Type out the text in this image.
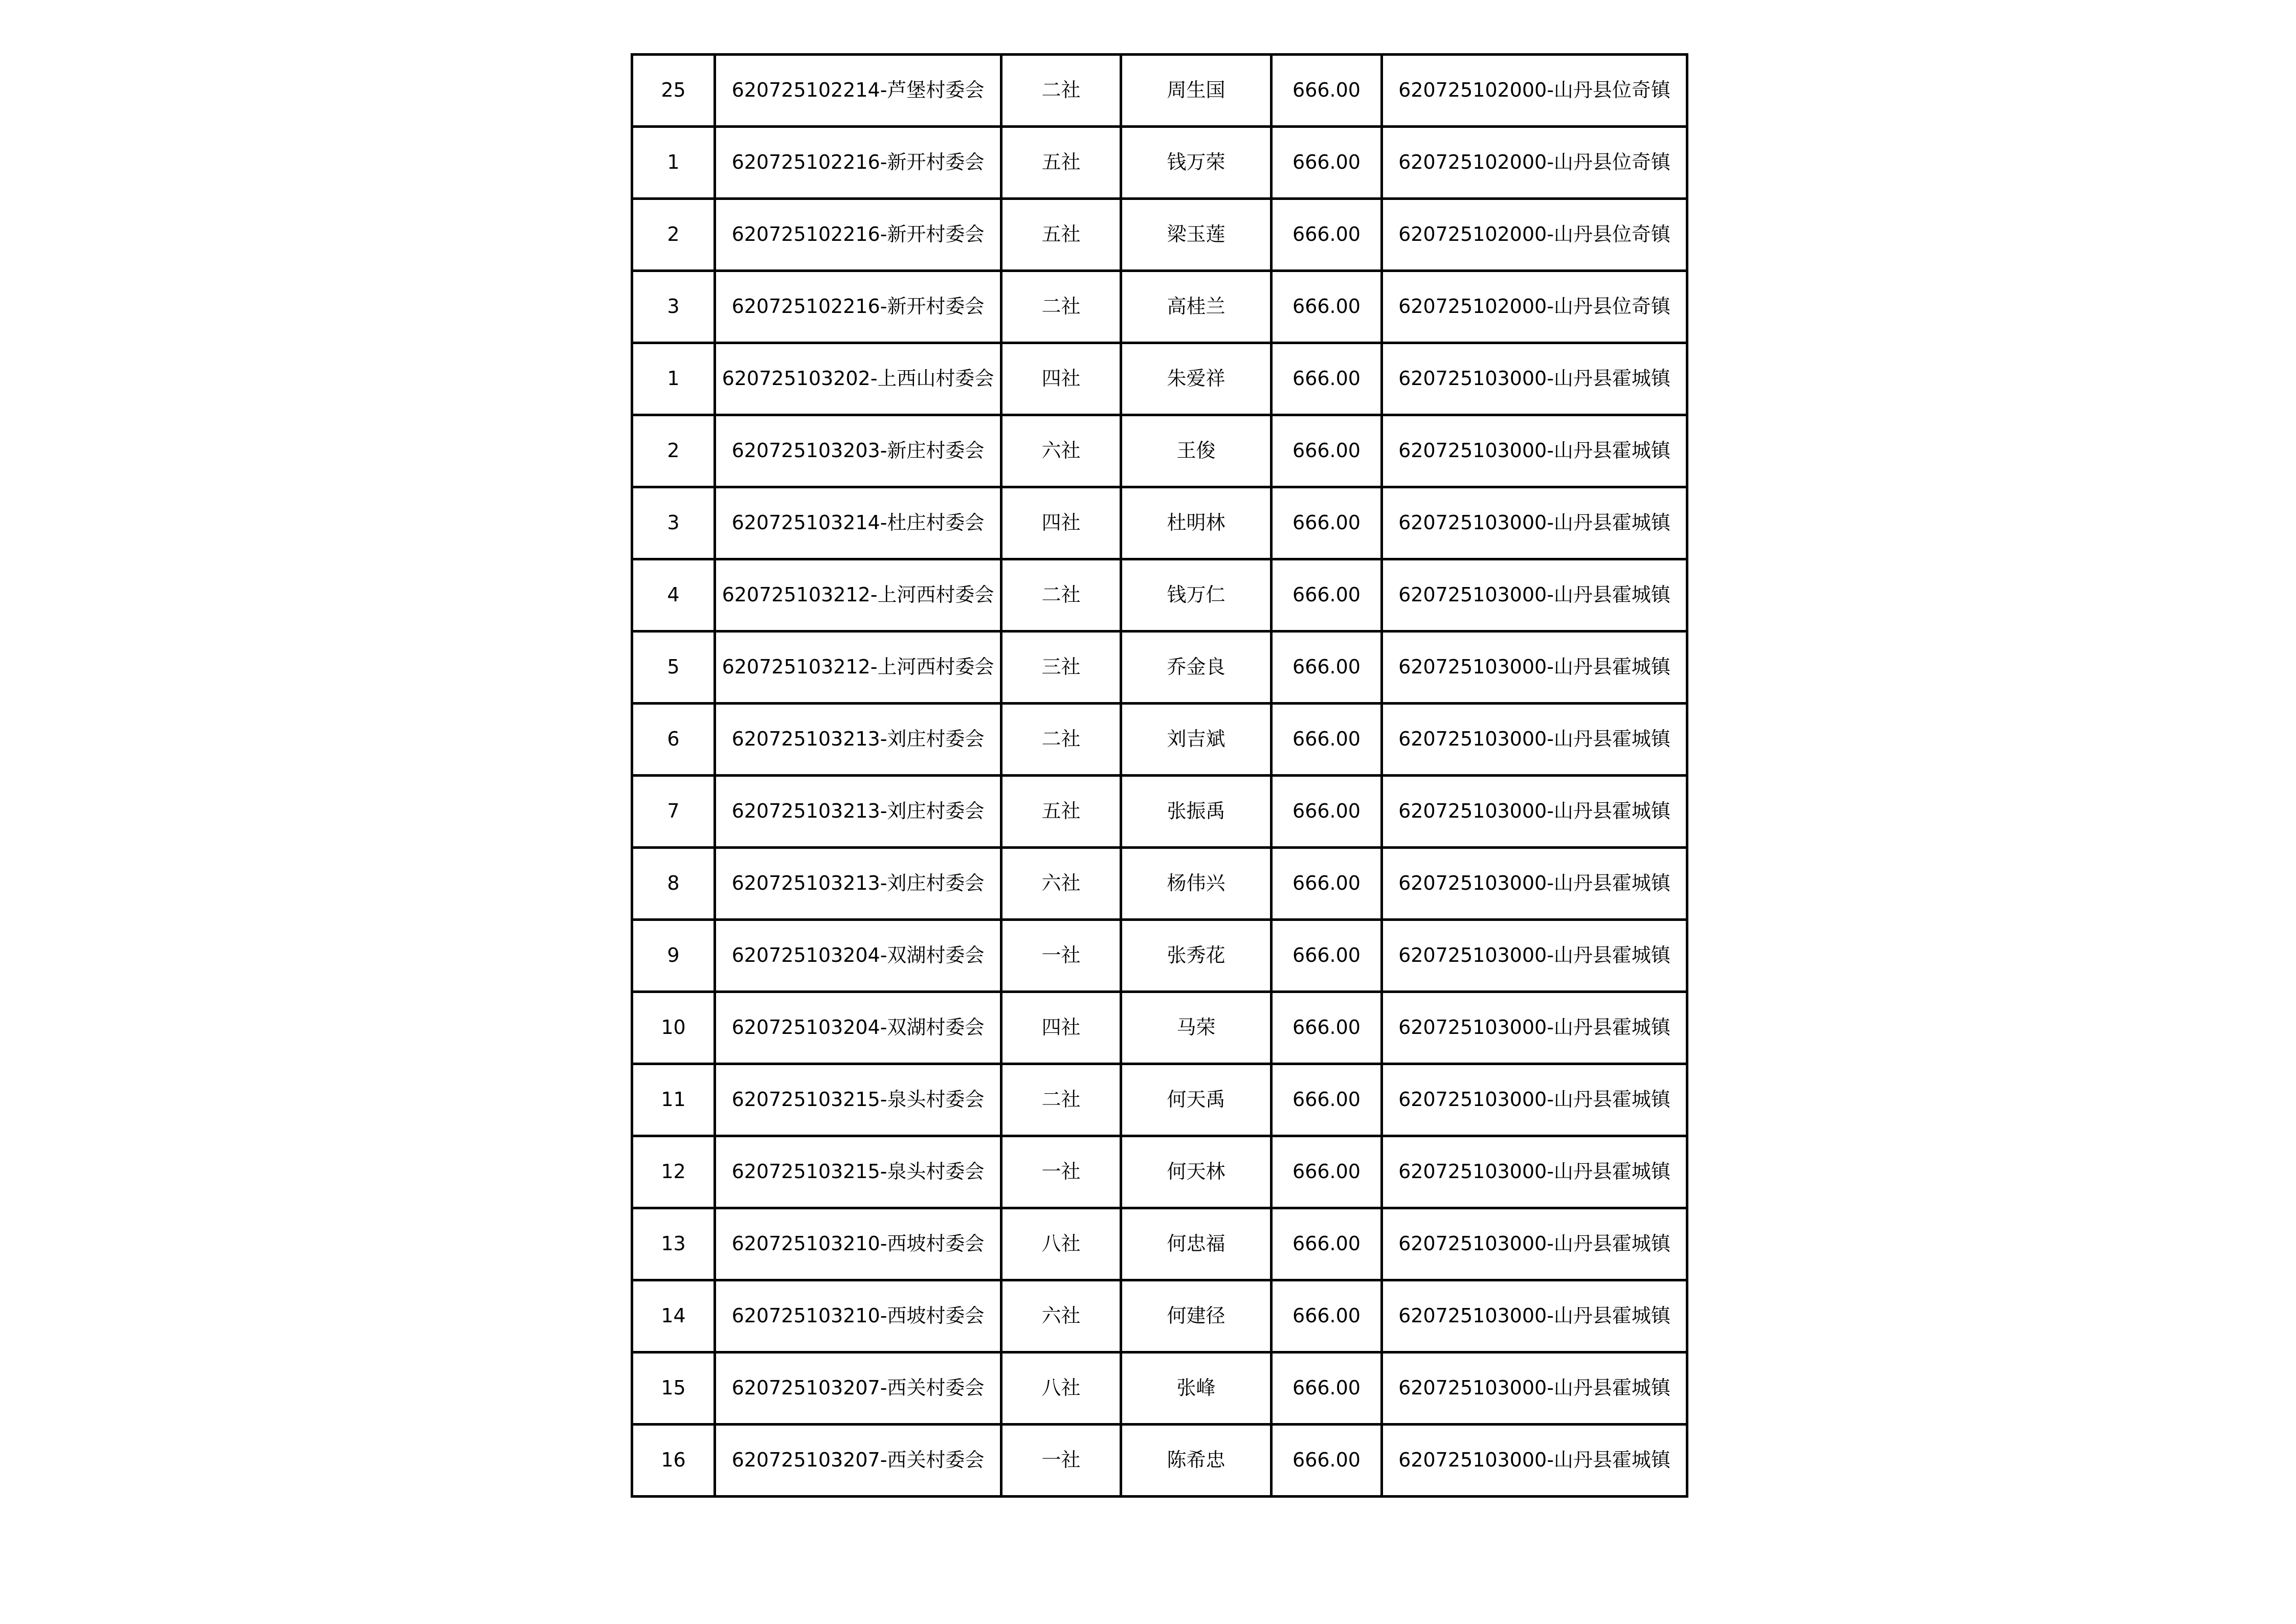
25	620725102214-芦堡村委会	二社	周生国	666.00	620725102000-山丹县位奇镇
1	620725102216-新开村委会	五社	钱万荣	666.00	620725102000-山丹县位奇镇
2	620725102216-新开村委会	五社	梁玉莲	666.00	620725102000-山丹县位奇镇
3	620725102216-新开村委会	二社	高桂兰	666.00	620725102000-山丹县位奇镇
1	620725103202-上西山村委会	四社	朱爱祥	666.00	620725103000-山丹县霍城镇
2	620725103203-新庄村委会	六社	王俊	666.00	620725103000-山丹县霍城镇
3	620725103214-杜庄村委会	四社	杜明林	666.00	620725103000-山丹县霍城镇
4	620725103212-上河西村委会	二社	钱万仁	666.00	620725103000-山丹县霍城镇
5	620725103212-上河西村委会	三社	乔金良	666.00	620725103000-山丹县霍城镇
6	620725103213-刘庄村委会	二社	刘吉斌	666.00	620725103000-山丹县霍城镇
7	620725103213-刘庄村委会	五社	张振禹	666.00	620725103000-山丹县霍城镇
8	620725103213-刘庄村委会	六社	杨伟兴	666.00	620725103000-山丹县霍城镇
9	620725103204-双湖村委会	一社	张秀花	666.00	620725103000-山丹县霍城镇
10	620725103204-双湖村委会	四社	马荣	666.00	620725103000-山丹县霍城镇
11	620725103215-泉头村委会	二社	何天禹	666.00	620725103000-山丹县霍城镇
12	620725103215-泉头村委会	一社	何天林	666.00	620725103000-山丹县霍城镇
13	620725103210-西坡村委会	八社	何忠福	666.00	620725103000-山丹县霍城镇
14	620725103210-西坡村委会	六社	何建径	666.00	620725103000-山丹县霍城镇
15	620725103207-西关村委会	八社	张峰	666.00	620725103000-山丹县霍城镇
16	620725103207-西关村委会	一社	陈希忠	666.00	620725103000-山丹县霍城镇
